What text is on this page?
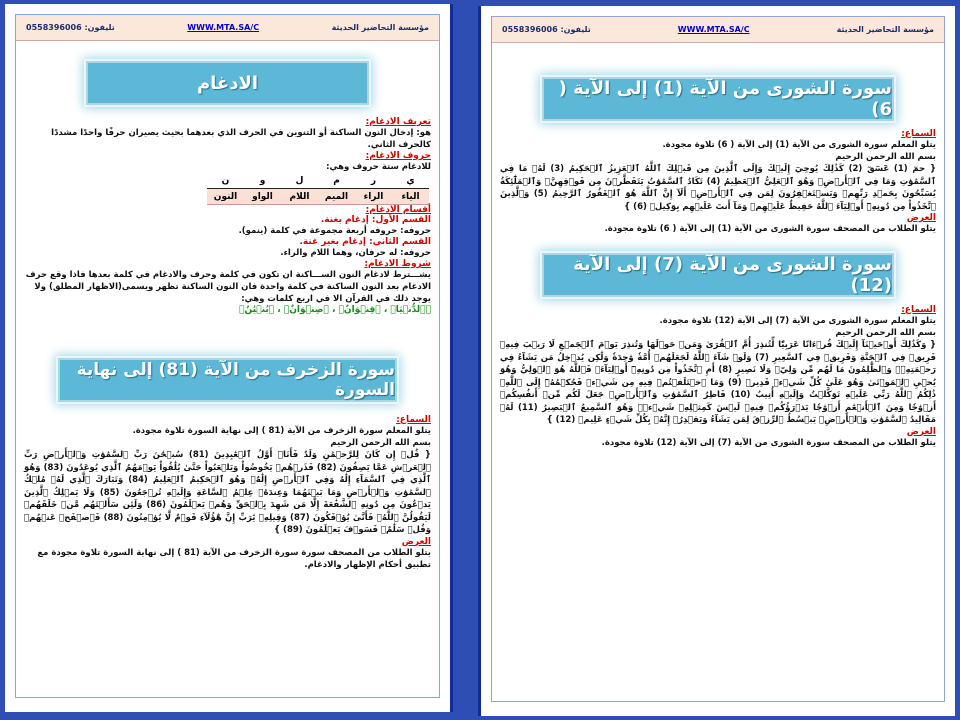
تليفون: 0558396006	WWW.MTA.SA/C	مؤسسة التحاضير الحديثة
الادغام
تعريف الادغام:

هو: إدخال النون الساكنة أو التنوين في الحرف الذي بعدهما بحيث يصيران حرفًا واحدًا مشددًا كالحرف الثاني.

حروف الادغام:

للادغام ستة حروف وهي:

ي	ر	م	ل	و	ن
الياء	الراء	الميم	اللام	الواو	النون
أقسام الادغام:
القسم الأول: إدغام بغنة.

حروفه: حروفه أربعة مجموعة في كلمة (ينمو).

القسم الثاني: إدغام بغير غنة.

حروفه: له حرفان، وهما اللام والراء.

شروط الادغام:

يشـــترط لادغام النون الســـاكنة ان تكون في كلمة وحرف والادغام في كلمة بعدها فاذا وقع حرف الادغام بعد النون الساكنة في كلمة واحدة فان النون الساكنة تظهر ويسمى(الاظهار المطلق) ولا يوجد ذلك في القرآن الا في اربع كلمات وهي:

﴿ٱلدُّنۡيَا﴾ ، ﴿قِنۡوَانٌ﴾ ، ﴿صِنۡوَانٌ﴾ ، ﴿بُنۡيَٰنٌ﴾
سورة الزخرف من الآية (81) إلى نهاية السورة
السماع:

يتلو المعلم سورة الزخرف من الآية (81 ) إلى نهاية السورة تلاوة مجودة.

بسم الله الرحمن الرحيم

{ قُلۡ إِن كَانَ لِلرَّحۡمَٰنِ وَلَدٌ فَأَنَا۠ أَوَّلُ ٱلۡعَٰبِدِينَ (81) سُبۡحَٰنَ رَبِّ ٱلسَّمَٰوَٰتِ وَٱلۡأَرۡضِ رَبِّ ٱلۡعَرۡشِ عَمَّا يَصِفُونَ (82) فَذَرۡهُمۡ يَخُوضُواْ وَيَلۡعَبُواْ حَتَّىٰ يُلَٰقُواْ يَوۡمَهُمُ ٱلَّذِي يُوعَدُونَ (83) وَهُوَ ٱلَّذِي فِي ٱلسَّمَآءِ إِلَٰهٌ وَفِي ٱلۡأَرۡضِ إِلَٰهٌۚ وَهُوَ ٱلۡحَكِيمُ ٱلۡعَلِيمُ (84) وَتَبَارَكَ ٱلَّذِي لَهُۥ مُلۡكُ ٱلسَّمَٰوَٰتِ وَٱلۡأَرۡضِ وَمَا بَيۡنَهُمَا وَعِندَهُۥ عِلۡمُ ٱلسَّاعَةِ وَإِلَيۡهِ تُرۡجَعُونَ (85) وَلَا يَمۡلِكُ ٱلَّذِينَ يَدۡعُونَ مِن دُونِهِ ٱلشَّفَٰعَةَ إِلَّا مَن شَهِدَ بِٱلۡحَقِّ وَهُمۡ يَعۡلَمُونَ (86) وَلَئِن سَأَلۡتَهُم مَّنۡ خَلَقَهُمۡ لَيَقُولُنَّ ٱللَّهُۖ فَأَنَّىٰ يُؤۡفَكُونَ (87) وَقِيلِهِۦ يَٰرَبِّ إِنَّ هَٰٓؤُلَآءِ قَوۡمٌ لَّا يُؤۡمِنُونَ (88) فَٱصۡفَحۡ عَنۡهُمۡ وَقُلۡ سَلَٰمٌۚ فَسَوۡفَ يَعۡلَمُونَ (89) }

العرض

يتلو الطلاب من المصحف سورة سورة الزخرف من الآية (81 ) إلى نهاية السورة تلاوة مجودة مع تطبيق أحكام الإظهار والادغام.

تليفون: 0558396006	WWW.MTA.SA/C	مؤسسة التحاضير الحديثة
سورة الشورى من الآية (1) إلى الآية ( 6)
السماع:

يتلو المعلم سورة الشورى من الآية (1) إلى الآية ( 6) تلاوة مجودة.

بسم الله الرحمن الرحيم

{ حمٓ (1) عٓسٓقٓ (2) كَذَٰلِكَ يُوحِيٓ إِلَيۡكَ وَإِلَى ٱلَّذِينَ مِن قَبۡلِكَ ٱللَّهُ ٱلۡعَزِيزُ ٱلۡحَكِيمُ (3) لَهُۥ مَا فِي ٱلسَّمَٰوَٰتِ وَمَا فِي ٱلۡأَرۡضِۖ وَهُوَ ٱلۡعَلِيُّ ٱلۡعَظِيمُ (4) تَكَادُ ٱلسَّمَٰوَٰتُ يَتَفَطَّرۡنَ مِن فَوۡقِهِنَّۚ وَٱلۡمَلَٰٓئِكَةُ يُسَبِّحُونَ بِحَمۡدِ رَبِّهِمۡ وَيَسۡتَغۡفِرُونَ لِمَن فِي ٱلۡأَرۡضِۗ أَلَآ إِنَّ ٱللَّهَ هُوَ ٱلۡغَفُورُ ٱلرَّحِيمُ (5) وَٱلَّذِينَ ٱتَّخَذُواْ مِن دُونِهِۦٓ أَوۡلِيَآءَ ٱللَّهُ حَفِيظٌ عَلَيۡهِمۡ وَمَآ أَنتَ عَلَيۡهِم بِوَكِيلٖ (6) }

العرض

يتلو الطلاب من المصحف سورة الشورى من الآية (1) إلى الآية ( 6) تلاوة مجودة.

سورة الشورى من الآية (7) إلى الآية (12)
السماع:

يتلو المعلم سورة الشورى من الآية (7) إلى الآية (12) تلاوة مجودة.

بسم الله الرحمن الرحيم

{ وَكَذَٰلِكَ أَوۡحَيۡنَآ إِلَيۡكَ قُرۡءَانًا عَرَبِيّٗا لِّتُنذِرَ أُمَّ ٱلۡقُرَىٰ وَمَنۡ حَوۡلَهَا وَتُنذِرَ يَوۡمَ ٱلۡجَمۡعِ لَا رَيۡبَ فِيهِۚ فَرِيقٞ فِي ٱلۡجَنَّةِ وَفَرِيقٞ فِي ٱلسَّعِيرِ (7) وَلَوۡ شَآءَ ٱللَّهُ لَجَعَلَهُمۡ أُمَّةٗ وَٰحِدَةٗ وَلَٰكِن يُدۡخِلُ مَن يَشَآءُ فِي رَحۡمَتِهِۦۚ وَٱلظَّٰلِمُونَ مَا لَهُم مِّن وَلِيّٖ وَلَا نَصِيرٍ (8) أَمِ ٱتَّخَذُواْ مِن دُونِهِۦٓ أَوۡلِيَآءَۖ فَٱللَّهُ هُوَ ٱلۡوَلِيُّ وَهُوَ يُحۡيِ ٱلۡمَوۡتَىٰ وَهُوَ عَلَىٰ كُلِّ شَيۡءٖ قَدِيرٞ (9) وَمَا ٱخۡتَلَفۡتُمۡ فِيهِ مِن شَيۡءٖ فَحُكۡمُهُۥٓ إِلَى ٱللَّهِۚ ذَٰلِكُمُ ٱللَّهُ رَبِّي عَلَيۡهِ تَوَكَّلۡتُ وَإِلَيۡهِ أُنِيبُ (10) فَاطِرُ ٱلسَّمَٰوَٰتِ وَٱلۡأَرۡضِۚ جَعَلَ لَكُم مِّنۡ أَنفُسِكُمۡ أَزۡوَٰجٗا وَمِنَ ٱلۡأَنۡعَٰمِ أَزۡوَٰجٗا يَذۡرَؤُكُمۡ فِيهِۚ لَيۡسَ كَمِثۡلِهِۦ شَيۡءٞۖ وَهُوَ ٱلسَّمِيعُ ٱلۡبَصِيرُ (11) لَهُۥ مَقَالِيدُ ٱلسَّمَٰوَٰتِ وَٱلۡأَرۡضِۖ يَبۡسُطُ ٱلرِّزۡقَ لِمَن يَشَآءُ وَيَقۡدِرُۚ إِنَّهُۥ بِكُلِّ شَيۡءٍ عَلِيمٞ (12) }

العرض

يتلو الطلاب من المصحف سورة الشورى من الآية (7) إلى الآية (12) تلاوة مجودة.
